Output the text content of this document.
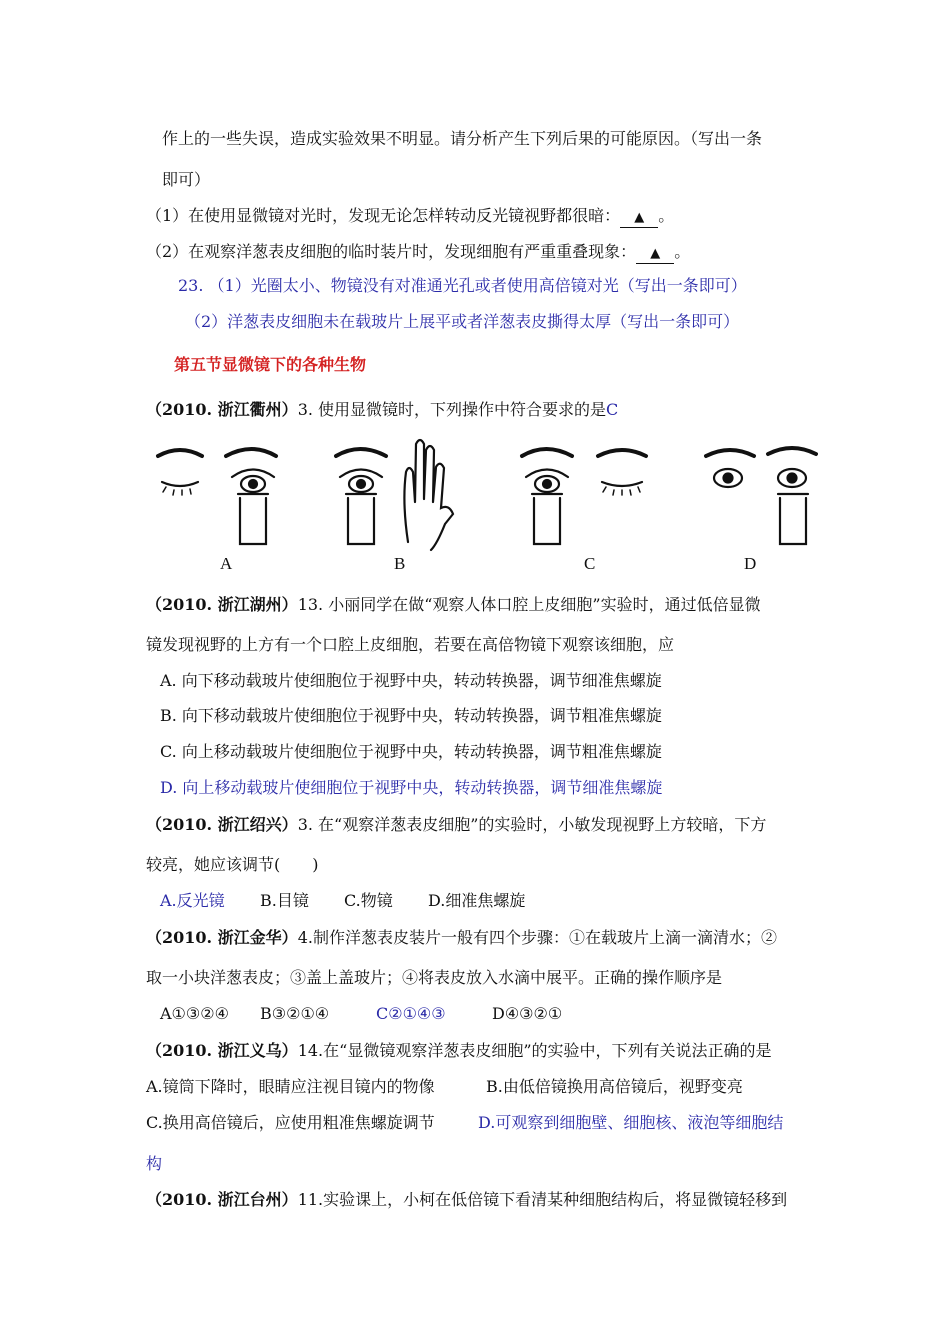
作上的一些失误，造成实验效果不明显。请分析产生下列后果的可能原因。（写出一条
即可）
（1）在使用显微镜对光时，发现无论怎样转动反光镜视野都很暗： ▲ 。
（2）在观察洋葱表皮细胞的临时装片时，发现细胞有严重重叠现象： ▲ 。
23. （1）光圈太小、物镜没有对准通光孔或者使用高倍镜对光（写出一条即可）
（2）洋葱表皮细胞未在载玻片上展平或者洋葱表皮撕得太厚（写出一条即可）
第五节显微镜下的各种生物
（2010. 浙江衢州）3. 使用显微镜时，下列操作中符合要求的是C
A	B	C	D
（2010. 浙江湖州）13. 小丽同学在做“观察人体口腔上皮细胞”实验时，通过低倍显微
镜发现视野的上方有一个口腔上皮细胞，若要在高倍物镜下观察该细胞，应
A. 向下移动载玻片使细胞位于视野中央，转动转换器，调节细准焦螺旋
B. 向下移动载玻片使细胞位于视野中央，转动转换器，调节粗准焦螺旋
C. 向上移动载玻片使细胞位于视野中央，转动转换器，调节粗准焦螺旋
D. 向上移动载玻片使细胞位于视野中央，转动转换器，调节细准焦螺旋
（2010. 浙江绍兴）3. 在“观察洋葱表皮细胞”的实验时，小敏发现视野上方较暗，下方
较亮，她应该调节(　　)
A.反光镜 B.目镜 C.物镜 D.细准焦螺旋
（2010. 浙江金华）4.制作洋葱表皮装片一般有四个步骤：①在载玻片上滴一滴清水；②
取一小块洋葱表皮；③盖上盖玻片；④将表皮放入水滴中展平。正确的操作顺序是
A①③②④ B③②①④	C②①④③	D④③②①
（2010. 浙江义乌）14.在“显微镜观察洋葱表皮细胞”的实验中，下列有关说法正确的是
A.镜筒下降时，眼睛应注视目镜内的物像	B.由低倍镜换用高倍镜后，视野变亮
C.换用高倍镜后，应使用粗准焦螺旋调节	D.可观察到细胞壁、细胞核、液泡等细胞结
构
（2010. 浙江台州）11.实验课上，小柯在低倍镜下看清某种细胞结构后，将显微镜轻移到
